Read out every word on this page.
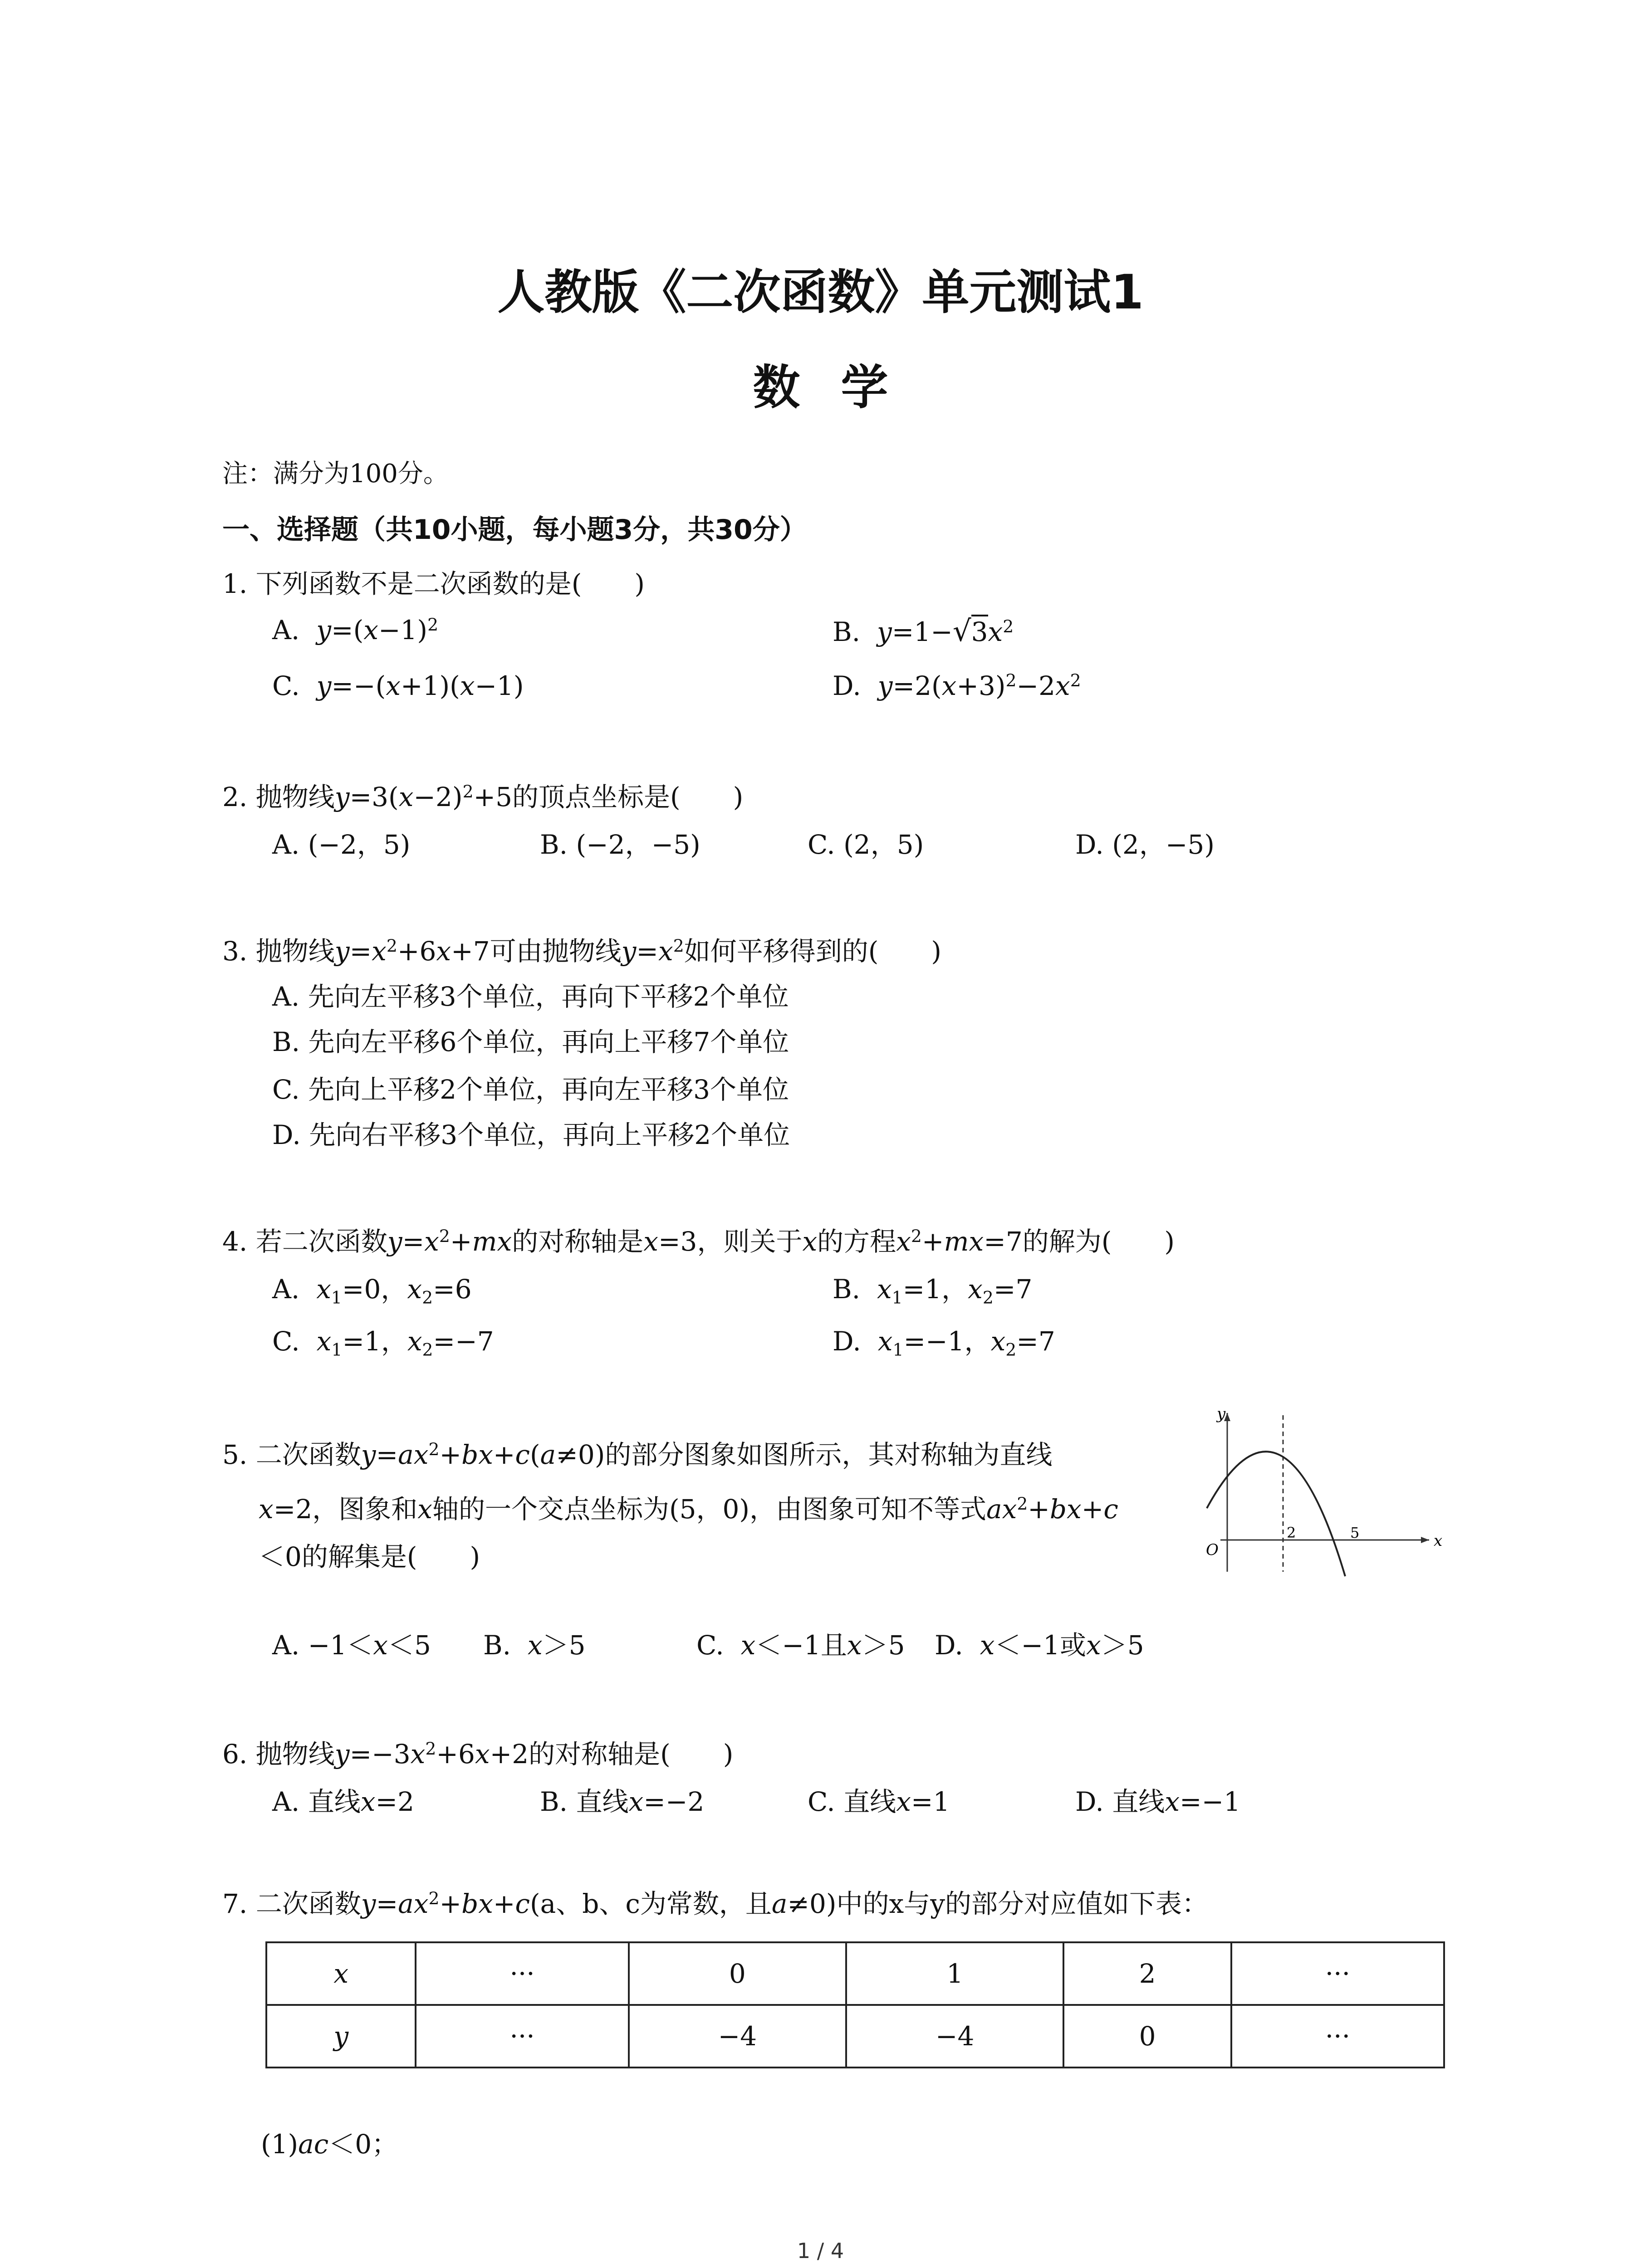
人教版《二次函数》单元测试1
数学
注：满分为100分。
一、选择题（共10小题，每小题3分，共30分）
1. 下列函数不是二次函数的是(　　)
A. $y=(x-1)^2$	B. $y=1-√3x^2$
C. y=−(x+1)(x−1)	D. $y=2(x+3)^2-2x^2$
2. 抛物线$y=3(x-2)^2+5$的顶点坐标是(　　)
A. (−2，5)	B. (−2，−5)	C. (2，5)	D. (2，−5)
3. 抛物线$y=x^2+6x+7$可由抛物线$y=x^2$如何平移得到的(　　)
A. 先向左平移3个单位，再向下平移2个单位
B. 先向左平移6个单位，再向上平移7个单位
C. 先向上平移2个单位，再向左平移3个单位
D. 先向右平移3个单位，再向上平移2个单位
4. 若二次函数$y=x^2+mx$的对称轴是x=3，则关于x的方程$x^2+mx=7$的解为(　　)
A. $x_1=0$，$x_2=6$	B. $x_1=1$，$x_2=7$
C. $x_1=1$，$x_2=-7$	D. $x_1=-1$，$x_2=7$
5. 二次函数$y=ax^2+bx+c(a\ne 0)$的部分图象如图所示，其对称轴为直线
x=2，图象和x轴的一个交点坐标为(5，0)，由图象可知不等式$ax^2+bx+c$
＜0的解集是(　　)
y
x
O
2	5
A. −1＜x＜5 B. x＞5	C. x＜−1且x＞5 D. x＜−1或x＞5
6. 抛物线$y=-3x^2+6x+2$的对称轴是(　　)
A. 直线x=2	B. 直线x=−2	C. 直线x=1	D. 直线x=−1
7. 二次函数$y=ax^2+bx+c(a$、b、c为常数，且a≠0)中的x与y的部分对应值如下表：
x	···	0	1	2	···
y	···	−4	−4	0	···
(1)ac＜0；
1 / 4
